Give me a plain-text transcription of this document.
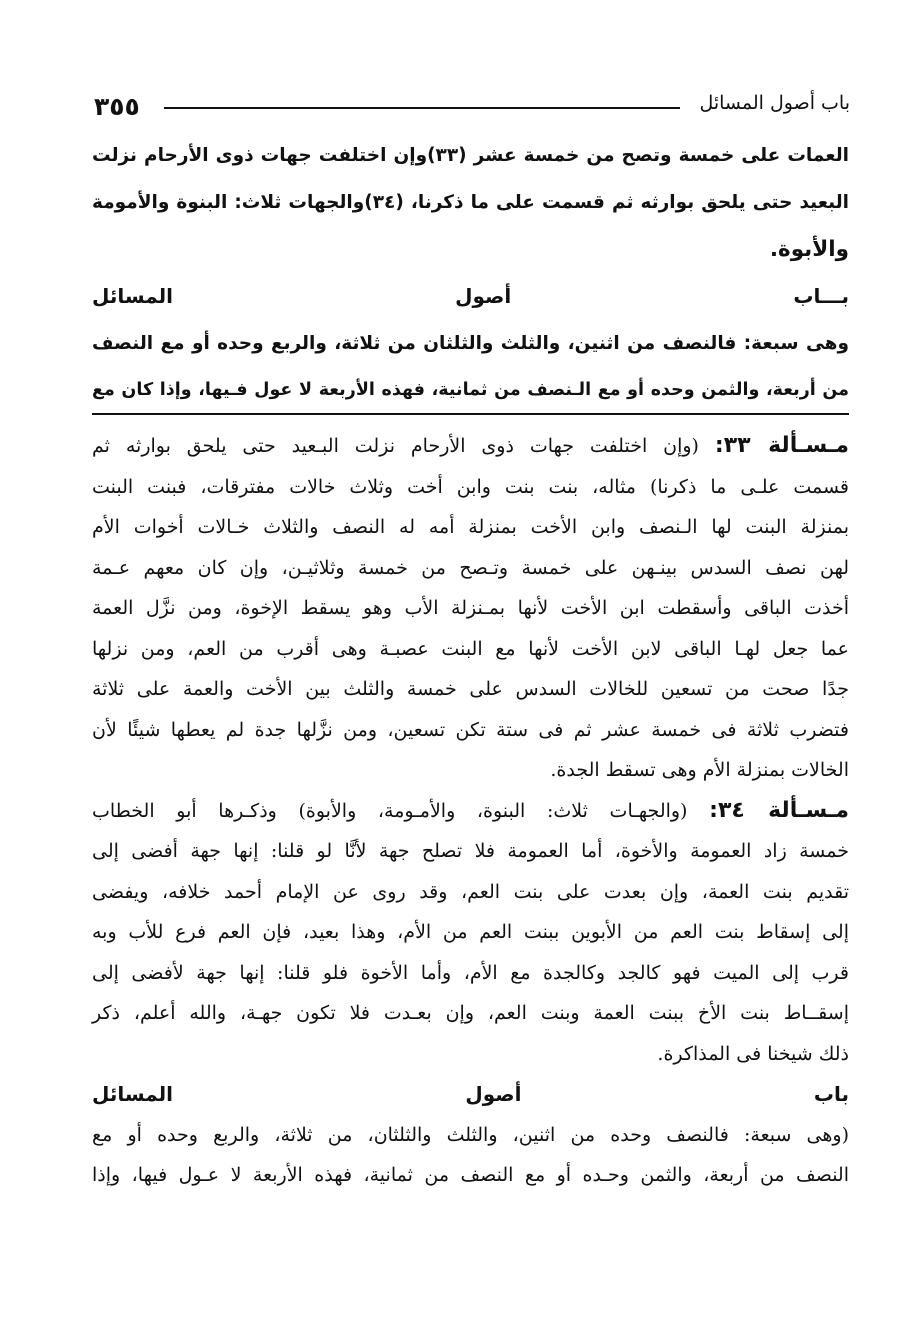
٣٥٥	باب أصول المسائل
العمات على خمسة وتصح من خمسة عشر (٣٣)وإن اختلفت جهات ذوى الأرحام نزلت
البعيد حتى يلحق بوارثه ثم قسمت على ما ذكرنا، (٣٤)والجهات ثلاث: البنوة والأمومة
والأبوة.
بـــاب أصول المسائل
وهى سبعة: فالنصف من اثنين، والثلث والثلثان من ثلاثة، والربع وحده أو مع النصف
من أربعة، والثمن وحده أو مع الـنصف من ثمانية، فهذه الأربعة لا عول فـيها، وإذا كان مع
مـسـألة ٣٣: (وإن اختلفت جهات ذوى الأرحام نزلت البـعيد حتى يلحق بوارثه ثم
قسمت علـى ما ذكرنا) مثاله، بنت بنت وابن أخت وثلاث خالات مفترقات، فبنت البنت
بمنزلة البنت لها الـنصف وابن الأخت بمنزلة أمه له النصف والثلاث خـالات أخوات الأم
لهن نصف السدس بينـهن على خمسة وتـصح من خمسة وثلاثيـن، وإن كان معهم عـمة
أخذت الباقى وأسقطت ابن الأخت لأنها بمـنزلة الأب وهو يسقط الإخوة، ومن نزَّل العمة
عما جعل لهـا الباقى لابن الأخت لأنها مع البنت عصبـة وهى أقرب من العم، ومن نزلها
جدًا صحت من تسعين للخالات السدس على خمسة والثلث بين الأخت والعمة على ثلاثة
فتضرب ثلاثة فى خمسة عشر ثم فى ستة تكن تسعين، ومن نزَّلها جدة لم يعطها شيئًا لأن
الخالات بمنزلة الأم وهى تسقط الجدة.
مـسـألة ٣٤: (والجهـات ثلاث: البنوة، والأمـومة، والأبوة) وذكـرها أبو الخطاب
خمسة زاد العمومة والأخوة، أما العمومة فلا تصلح جهة لأنَّا لو قلنا: إنها جهة أفضى إلى
تقديم بنت العمة، وإن بعدت على بنت العم، وقد روى عن الإمام أحمد خلافه، ويفضى
إلى إسقاط بنت العم من الأبوين ببنت العم من الأم، وهذا بعيد، فإن العم فرع للأب وبه
قرب إلى الميت فهو كالجد وكالجدة مع الأم، وأما الأخوة فلو قلنا: إنها جهة لأفضى إلى
إسقــاط بنت الأخ ببنت العمة وبنت العم، وإن بعـدت فلا تكون جهـة، والله أعلم، ذكر
ذلك شيخنا فى المذاكرة.
باب أصول المسائل
(وهى سبعة: فالنصف وحده من اثنين، والثلث والثلثان، من ثلاثة، والربع وحده أو مع
النصف من أربعة، والثمن وحـده أو مع النصف من ثمانية، فهذه الأربعة لا عـول فيها، وإذا
